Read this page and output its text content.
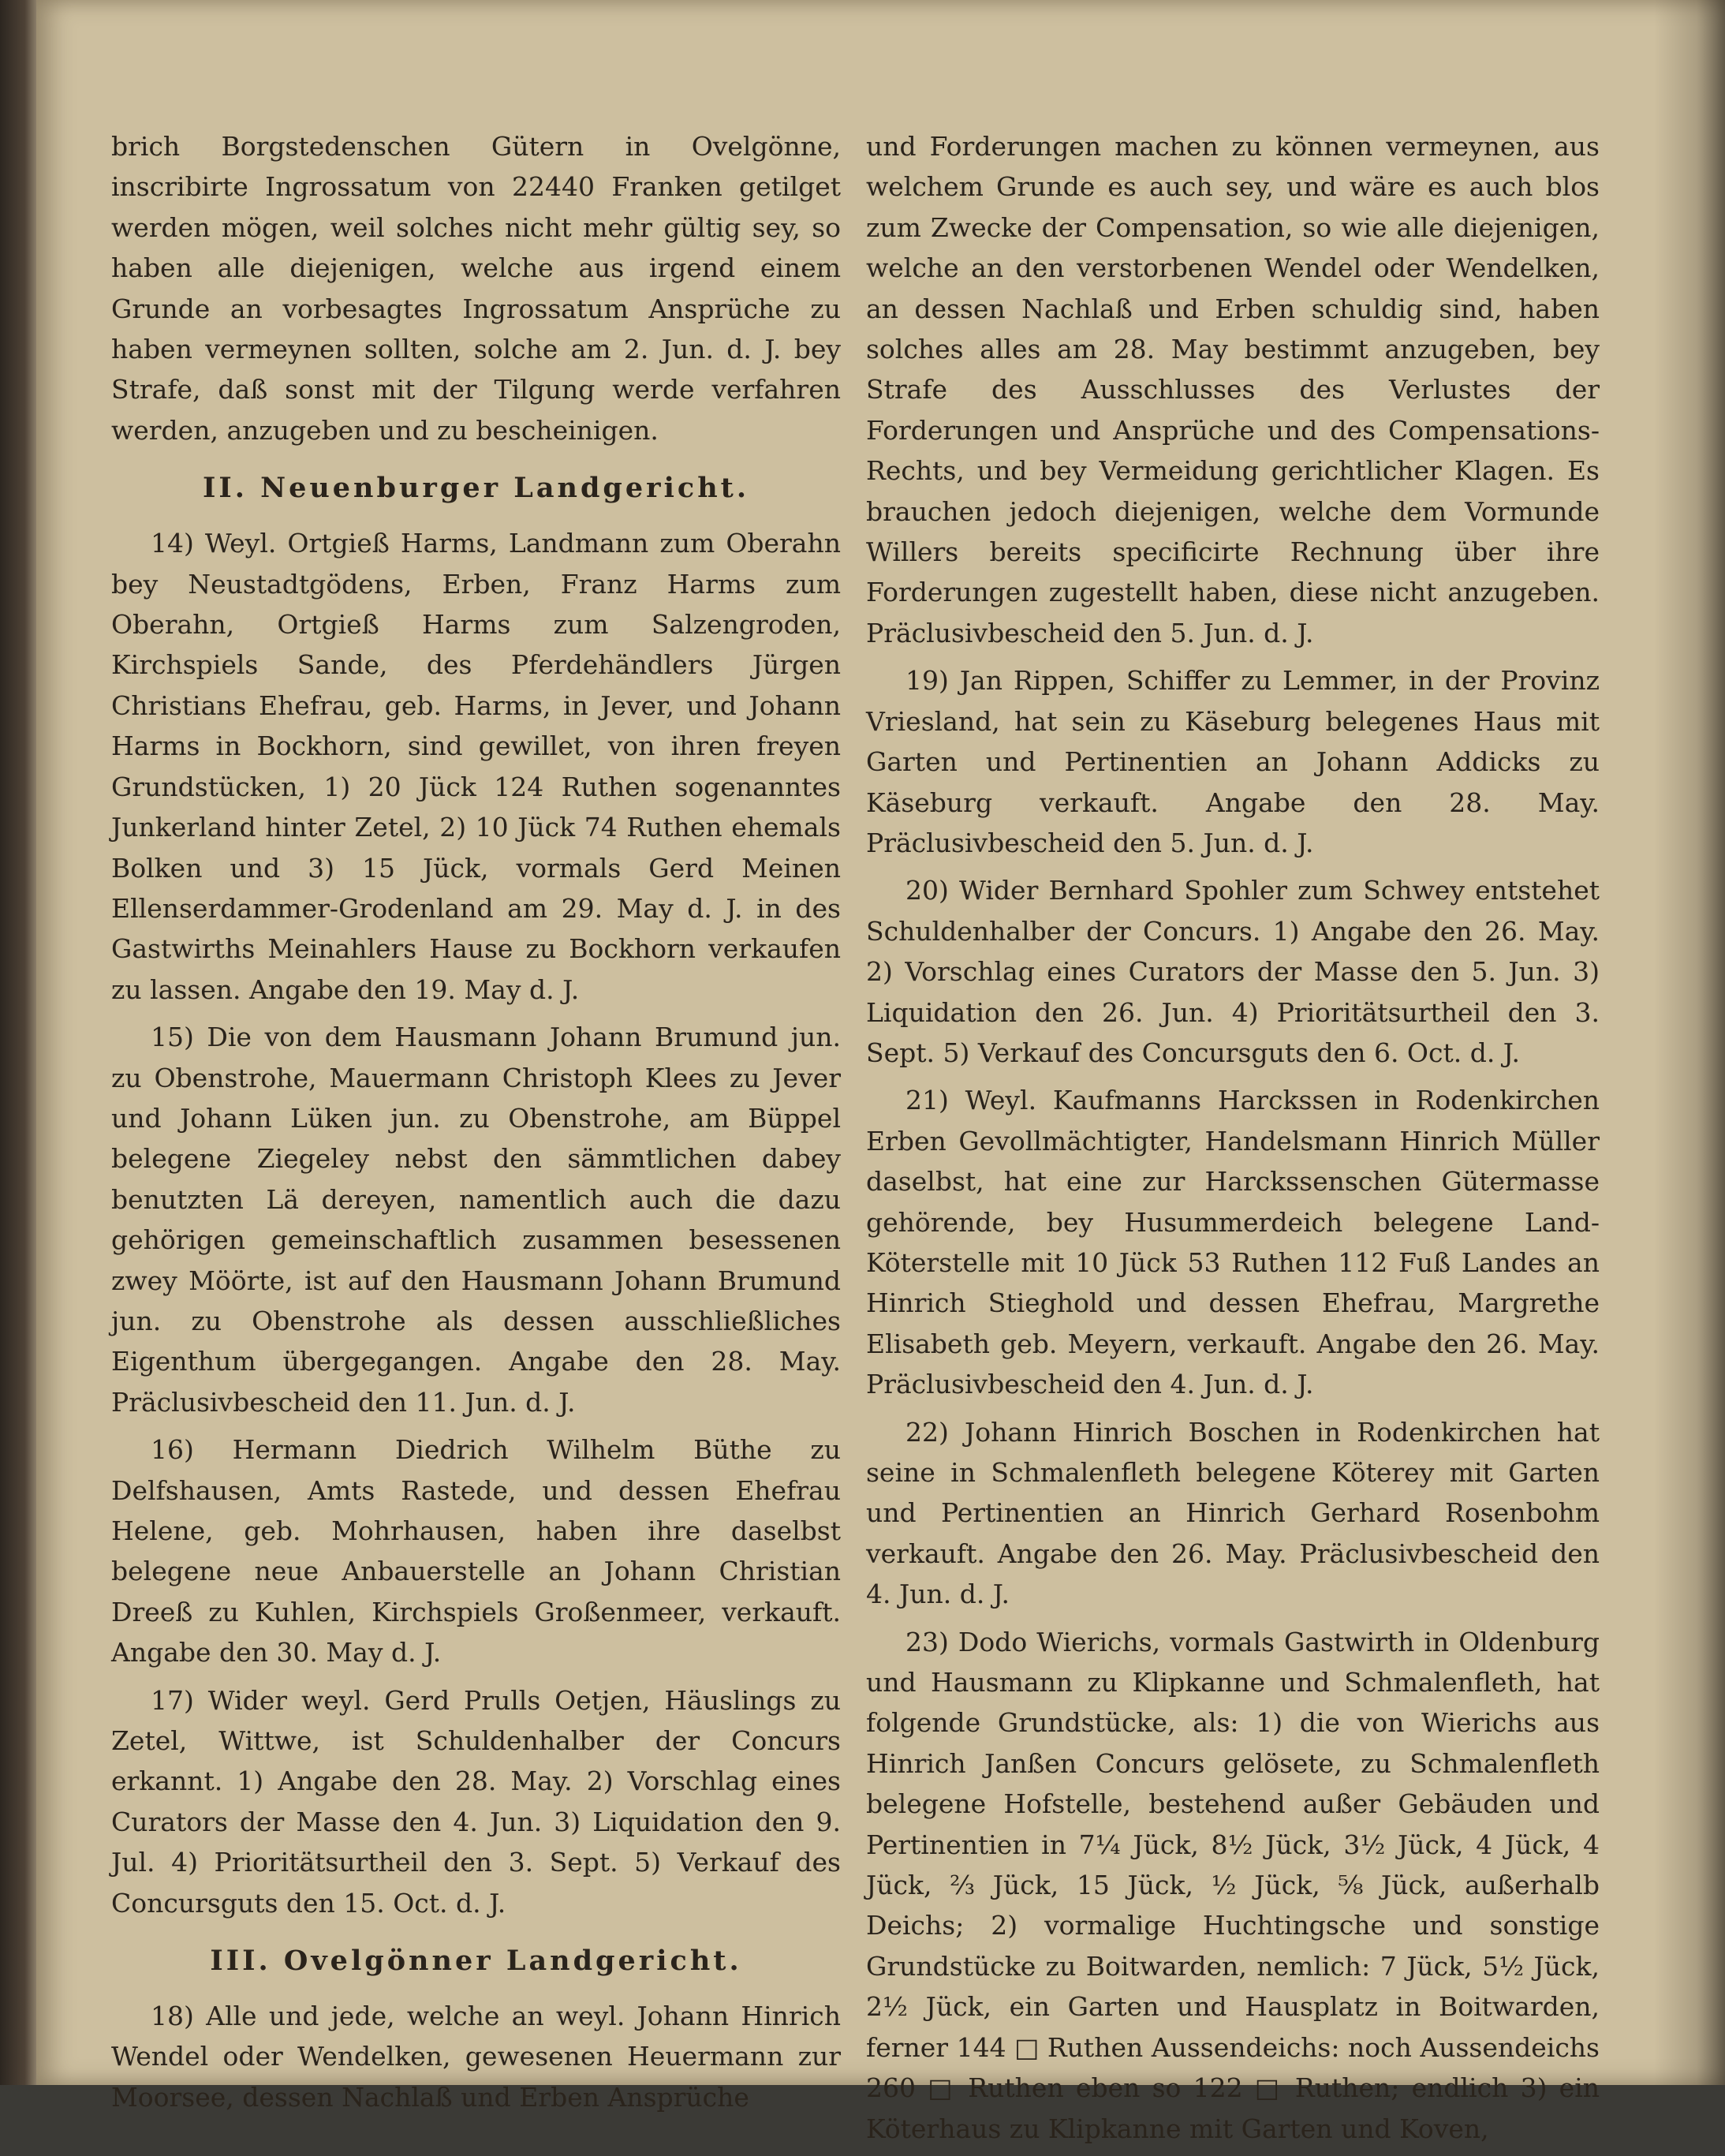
brich Borgstedenschen Gütern in Ovelgönne, inscribirte Ingrossatum von 22440 Franken getilget werden mögen, weil solches nicht mehr gültig sey, so haben alle diejenigen, welche aus irgend einem Grunde an vorbesagtes Ingrossatum Ansprüche zu haben vermeynen sollten, solche am 2. Jun. d. J. bey Strafe, daß sonst mit der Tilgung werde verfahren werden, anzugeben und zu bescheinigen.

II. Neuenburger Landgericht.

14) Weyl. Ortgieß Harms, Landmann zum Oberahn bey Neustadtgödens, Erben, Franz Harms zum Oberahn, Ortgieß Harms zum Salzengroden, Kirchspiels Sande, des Pferdehändlers Jürgen Christians Ehefrau, geb. Harms, in Jever, und Johann Harms in Bockhorn, sind gewillet, von ihren freyen Grundstücken, 1) 20 Jück 124 Ruthen sogenanntes Junkerland hinter Zetel, 2) 10 Jück 74 Ruthen ehemals Bolken und 3) 15 Jück, vormals Gerd Meinen Ellenserdammer-Grodenland am 29. May d. J. in des Gastwirths Meinahlers Hause zu Bockhorn verkaufen zu lassen. Angabe den 19. May d. J.

15) Die von dem Hausmann Johann Brumund jun. zu Obenstrohe, Mauermann Christoph Klees zu Jever und Johann Lüken jun. zu Obenstrohe, am Büppel belegene Ziegeley nebst den sämmtlichen dabey benutzten Lä dereyen, namentlich auch die dazu gehörigen gemeinschaftlich zusammen besessenen zwey Möörte, ist auf den Hausmann Johann Brumund jun. zu Obenstrohe als dessen ausschließliches Eigenthum übergegangen. Angabe den 28. May. Präclusivbescheid den 11. Jun. d. J.

16) Hermann Diedrich Wilhelm Büthe zu Delfshausen, Amts Rastede, und dessen Ehefrau Helene, geb. Mohrhausen, haben ihre daselbst belegene neue Anbauerstelle an Johann Christian Dreeß zu Kuhlen, Kirchspiels Großenmeer, verkauft. Angabe den 30. May d. J.

17) Wider weyl. Gerd Prulls Oetjen, Häuslings zu Zetel, Wittwe, ist Schuldenhalber der Concurs erkannt. 1) Angabe den 28. May. 2) Vorschlag eines Curators der Masse den 4. Jun. 3) Liquidation den 9. Jul. 4) Prioritätsurtheil den 3. Sept. 5) Verkauf des Concursguts den 15. Oct. d. J.

III. Ovelgönner Landgericht.

18) Alle und jede, welche an weyl. Johann Hinrich Wendel oder Wendelken, gewesenen Heuermann zur Moorsee, dessen Nachlaß und Erben Ansprüche

und Forderungen machen zu können vermeynen, aus welchem Grunde es auch sey, und wäre es auch blos zum Zwecke der Compensation, so wie alle diejenigen, welche an den verstorbenen Wendel oder Wendelken, an dessen Nachlaß und Erben schuldig sind, haben solches alles am 28. May bestimmt anzugeben, bey Strafe des Ausschlusses des Verlustes der Forderungen und Ansprüche und des Compensations-Rechts, und bey Vermeidung gerichtlicher Klagen. Es brauchen jedoch diejenigen, welche dem Vormunde Willers bereits specificirte Rechnung über ihre Forderungen zugestellt haben, diese nicht anzugeben. Präclusivbescheid den 5. Jun. d. J.

19) Jan Rippen, Schiffer zu Lemmer, in der Provinz Vriesland, hat sein zu Käseburg belegenes Haus mit Garten und Pertinentien an Johann Addicks zu Käseburg verkauft. Angabe den 28. May. Präclusivbescheid den 5. Jun. d. J.

20) Wider Bernhard Spohler zum Schwey entstehet Schuldenhalber der Concurs. 1) Angabe den 26. May. 2) Vorschlag eines Curators der Masse den 5. Jun. 3) Liquidation den 26. Jun. 4) Prioritätsurtheil den 3. Sept. 5) Verkauf des Concursguts den 6. Oct. d. J.

21) Weyl. Kaufmanns Harckssen in Rodenkirchen Erben Gevollmächtigter, Handelsmann Hinrich Müller daselbst, hat eine zur Harckssenschen Gütermasse gehörende, bey Husummerdeich belegene Land-Köterstelle mit 10 Jück 53 Ruthen 112 Fuß Landes an Hinrich Stieghold und dessen Ehefrau, Margrethe Elisabeth geb. Meyern, verkauft. Angabe den 26. May. Präclusivbescheid den 4. Jun. d. J.

22) Johann Hinrich Boschen in Rodenkirchen hat seine in Schmalenfleth belegene Köterey mit Garten und Pertinentien an Hinrich Gerhard Rosenbohm verkauft. Angabe den 26. May. Präclusivbescheid den 4. Jun. d. J.

23) Dodo Wierichs, vormals Gastwirth in Oldenburg und Hausmann zu Klipkanne und Schmalenfleth, hat folgende Grundstücke, als: 1) die von Wierichs aus Hinrich Janßen Concurs gelösete, zu Schmalenfleth belegene Hofstelle, bestehend außer Gebäuden und Pertinentien in 7¼ Jück, 8½ Jück, 3½ Jück, 4 Jück, 4 Jück, ⅔ Jück, 15 Jück, ½ Jück, ⅝ Jück, außerhalb Deichs; 2) vormalige Huchtingsche und sonstige Grundstücke zu Boitwarden, nemlich: 7 Jück, 5½ Jück, 2½ Jück, ein Garten und Hausplatz in Boitwarden, ferner 144 □ Ruthen Aussendeichs: noch Aussendeichs 260 □ Ruthen eben so 122 □ Ruthen; endlich 3) ein Köterhaus zu Klipkanne mit Garten und Koven,
